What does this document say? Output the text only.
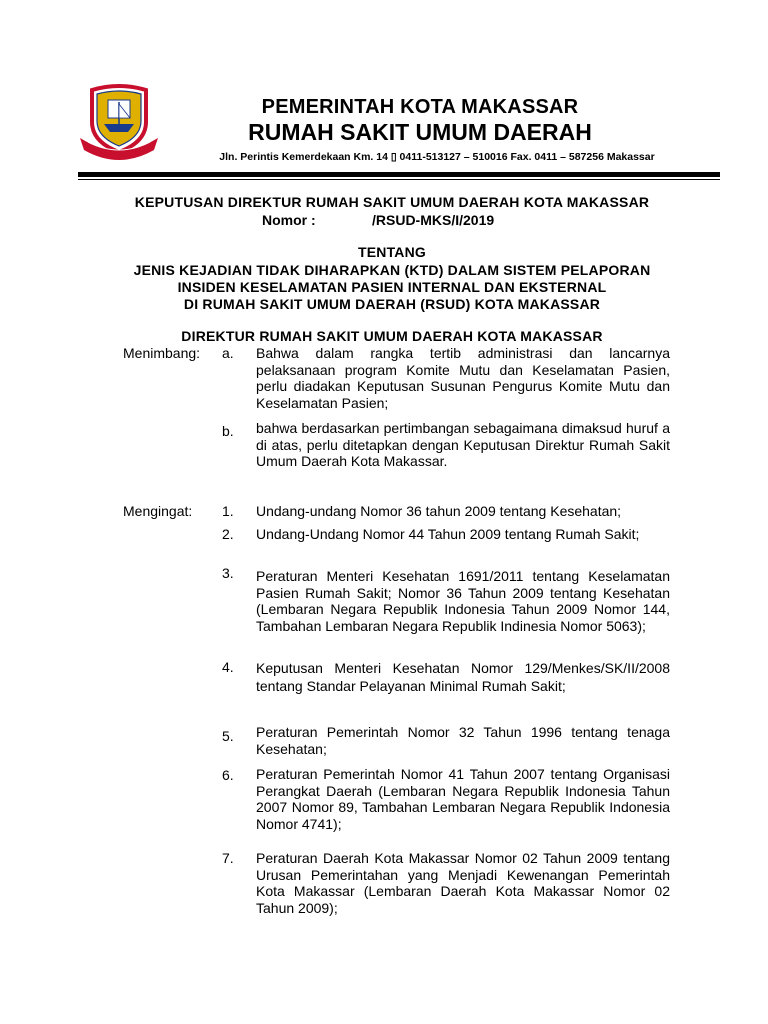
PEMERINTAH KOTA MAKASSAR
RUMAH SAKIT UMUM DAERAH
Jln. Perintis Kemerdekaan Km. 14 ▯ 0411-513127 – 510016 Fax. 0411 – 587256 Makassar
KEPUTUSAN DIREKTUR RUMAH SAKIT UMUM DAERAH KOTA MAKASSAR
Nomor :	/RSUD-MKS/I/2019
TENTANG
JENIS KEJADIAN TIDAK DIHARAPKAN (KTD) DALAM SISTEM PELAPORAN
INSIDEN KESELAMATAN PASIEN INTERNAL DAN EKSTERNAL
DI RUMAH SAKIT UMUM DAERAH (RSUD) KOTA MAKASSAR
DIREKTUR RUMAH SAKIT UMUM DAERAH KOTA MAKASSAR
Menimbang: a. Bahwa dalam rangka tertib administrasi dan lancarnya pelaksanaan program Komite Mutu dan Keselamatan Pasien, perlu diadakan Keputusan Susunan Pengurus Komite Mutu dan Keselamatan Pasien;
b. bahwa berdasarkan pertimbangan sebagaimana dimaksud huruf a di atas, perlu ditetapkan dengan Keputusan Direktur Rumah Sakit Umum Daerah Kota Makassar.
Mengingat: 1. Undang-undang Nomor 36 tahun 2009 tentang Kesehatan;
2. Undang-Undang Nomor 44 Tahun 2009 tentang Rumah Sakit;
3. Peraturan Menteri Kesehatan 1691/2011 tentang Keselamatan Pasien Rumah Sakit; Nomor 36 Tahun 2009 tentang Kesehatan (Lembaran Negara Republik Indonesia Tahun 2009 Nomor 144, Tambahan Lembaran Negara Republik Indinesia Nomor 5063);
4. Keputusan Menteri Kesehatan Nomor 129/Menkes/SK/II/2008 tentang Standar Pelayanan Minimal Rumah Sakit;
5. Peraturan Pemerintah Nomor 32 Tahun 1996 tentang tenaga Kesehatan;
6. Peraturan Pemerintah Nomor 41 Tahun 2007 tentang Organisasi Perangkat Daerah (Lembaran Negara Republik Indonesia Tahun 2007 Nomor 89, Tambahan Lembaran Negara Republik Indonesia Nomor 4741);
7. Peraturan Daerah Kota Makassar Nomor 02 Tahun 2009 tentang Urusan Pemerintahan yang Menjadi Kewenangan Pemerintah Kota Makassar (Lembaran Daerah Kota Makassar Nomor 02 Tahun 2009);
